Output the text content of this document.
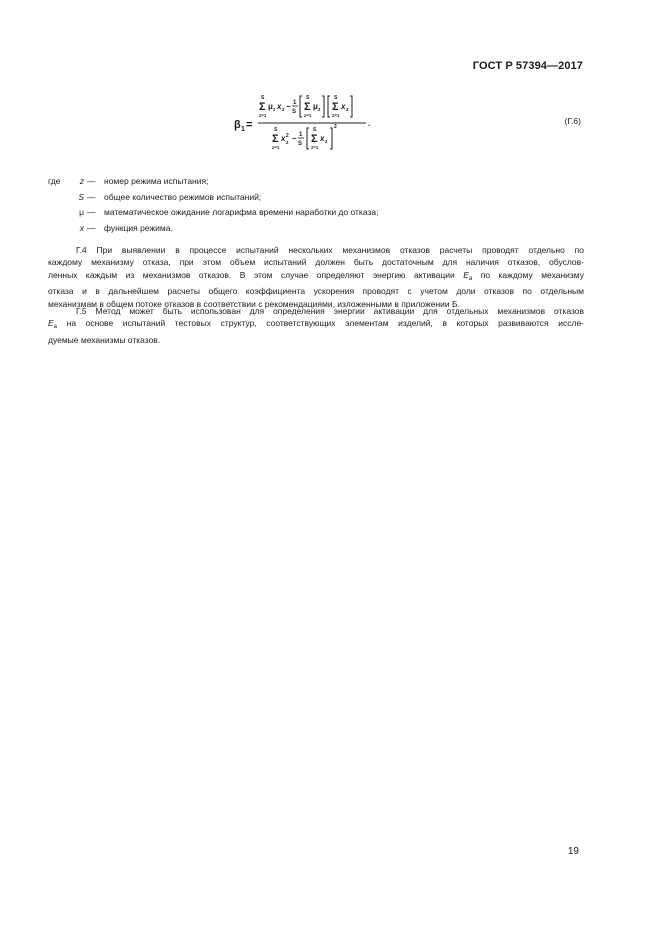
ГОСТ Р 57394—2017
β 1 =
Σ
S
z=1
μ z x z − 1
S Σ
S
z=1
μ z Σ
S
z=1
x z
Σ
S
z=1
x 2
z − 1
S Σ
S
z=1
x z
2	.	(Г.6)
где	z — номер режима испытания;
S — общее количество режимов испытаний;
μ — математическое ожидание логарифма времени наработки до отказа;
x — функция режима.
Г.4 При выявлении в процессе испытаний нескольких механизмов отказов расчеты проводят отдельно по
каждому механизму отказа, при этом объем испытаний должен быть достаточным для наличия отказов, обуслов-
ленных каждым из механизмов отказов. В этом случае определяют энергию активации $E_a$ по каждому механизму
отказа и в дальнейшем расчеты общего коэффициента ускорения проводят с учетом доли отказов по отдельным
механизмам в общем потоке отказов в соответствии с рекомендациями, изложенными в приложении Б.
Г.5 Метод может быть использован для определения энергии активации для отдельных механизмов отказов
$E_a$ на основе испытаний тестовых структур, соответствующих элементам изделий, в которых развиваются иссле-
дуемые механизмы отказов.
19
